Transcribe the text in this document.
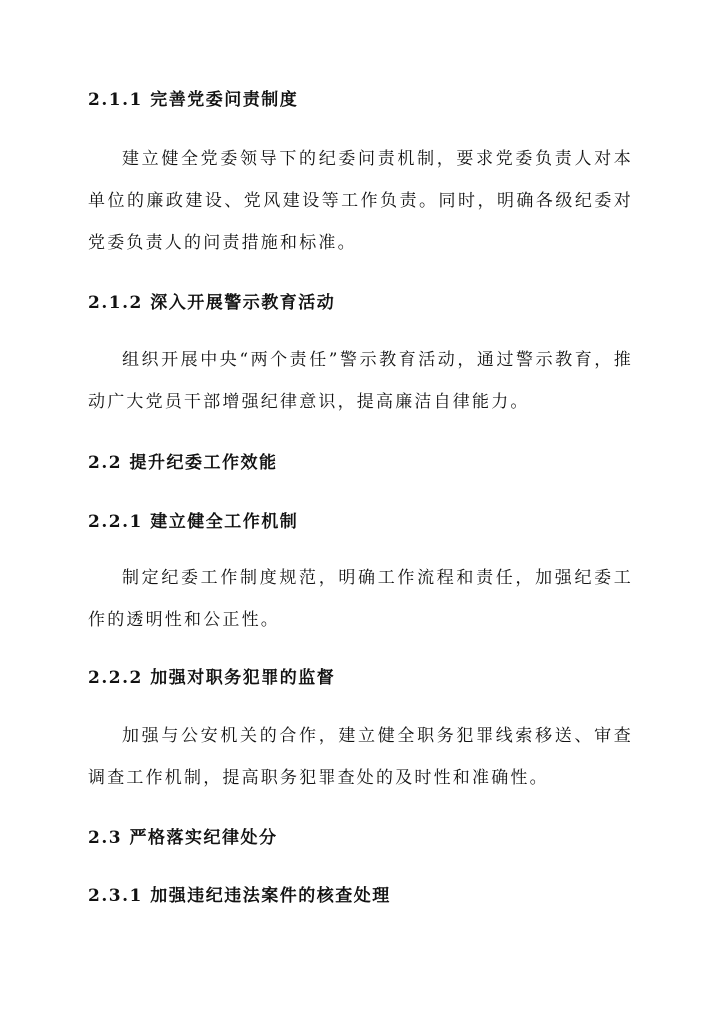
2.1.1 完善党委问责制度
建立健全党委领导下的纪委问责机制，要求党委负责人对本单位的廉政建设、党风建设等工作负责。同时，明确各级纪委对党委负责人的问责措施和标准。
2.1.2 深入开展警示教育活动
组织开展中央“两个责任”警示教育活动，通过警示教育，推动广大党员干部增强纪律意识，提高廉洁自律能力。
2.2 提升纪委工作效能
2.2.1 建立健全工作机制
制定纪委工作制度规范，明确工作流程和责任，加强纪委工作的透明性和公正性。
2.2.2 加强对职务犯罪的监督
加强与公安机关的合作，建立健全职务犯罪线索移送、审查调查工作机制，提高职务犯罪查处的及时性和准确性。
2.3 严格落实纪律处分
2.3.1 加强违纪违法案件的核查处理
